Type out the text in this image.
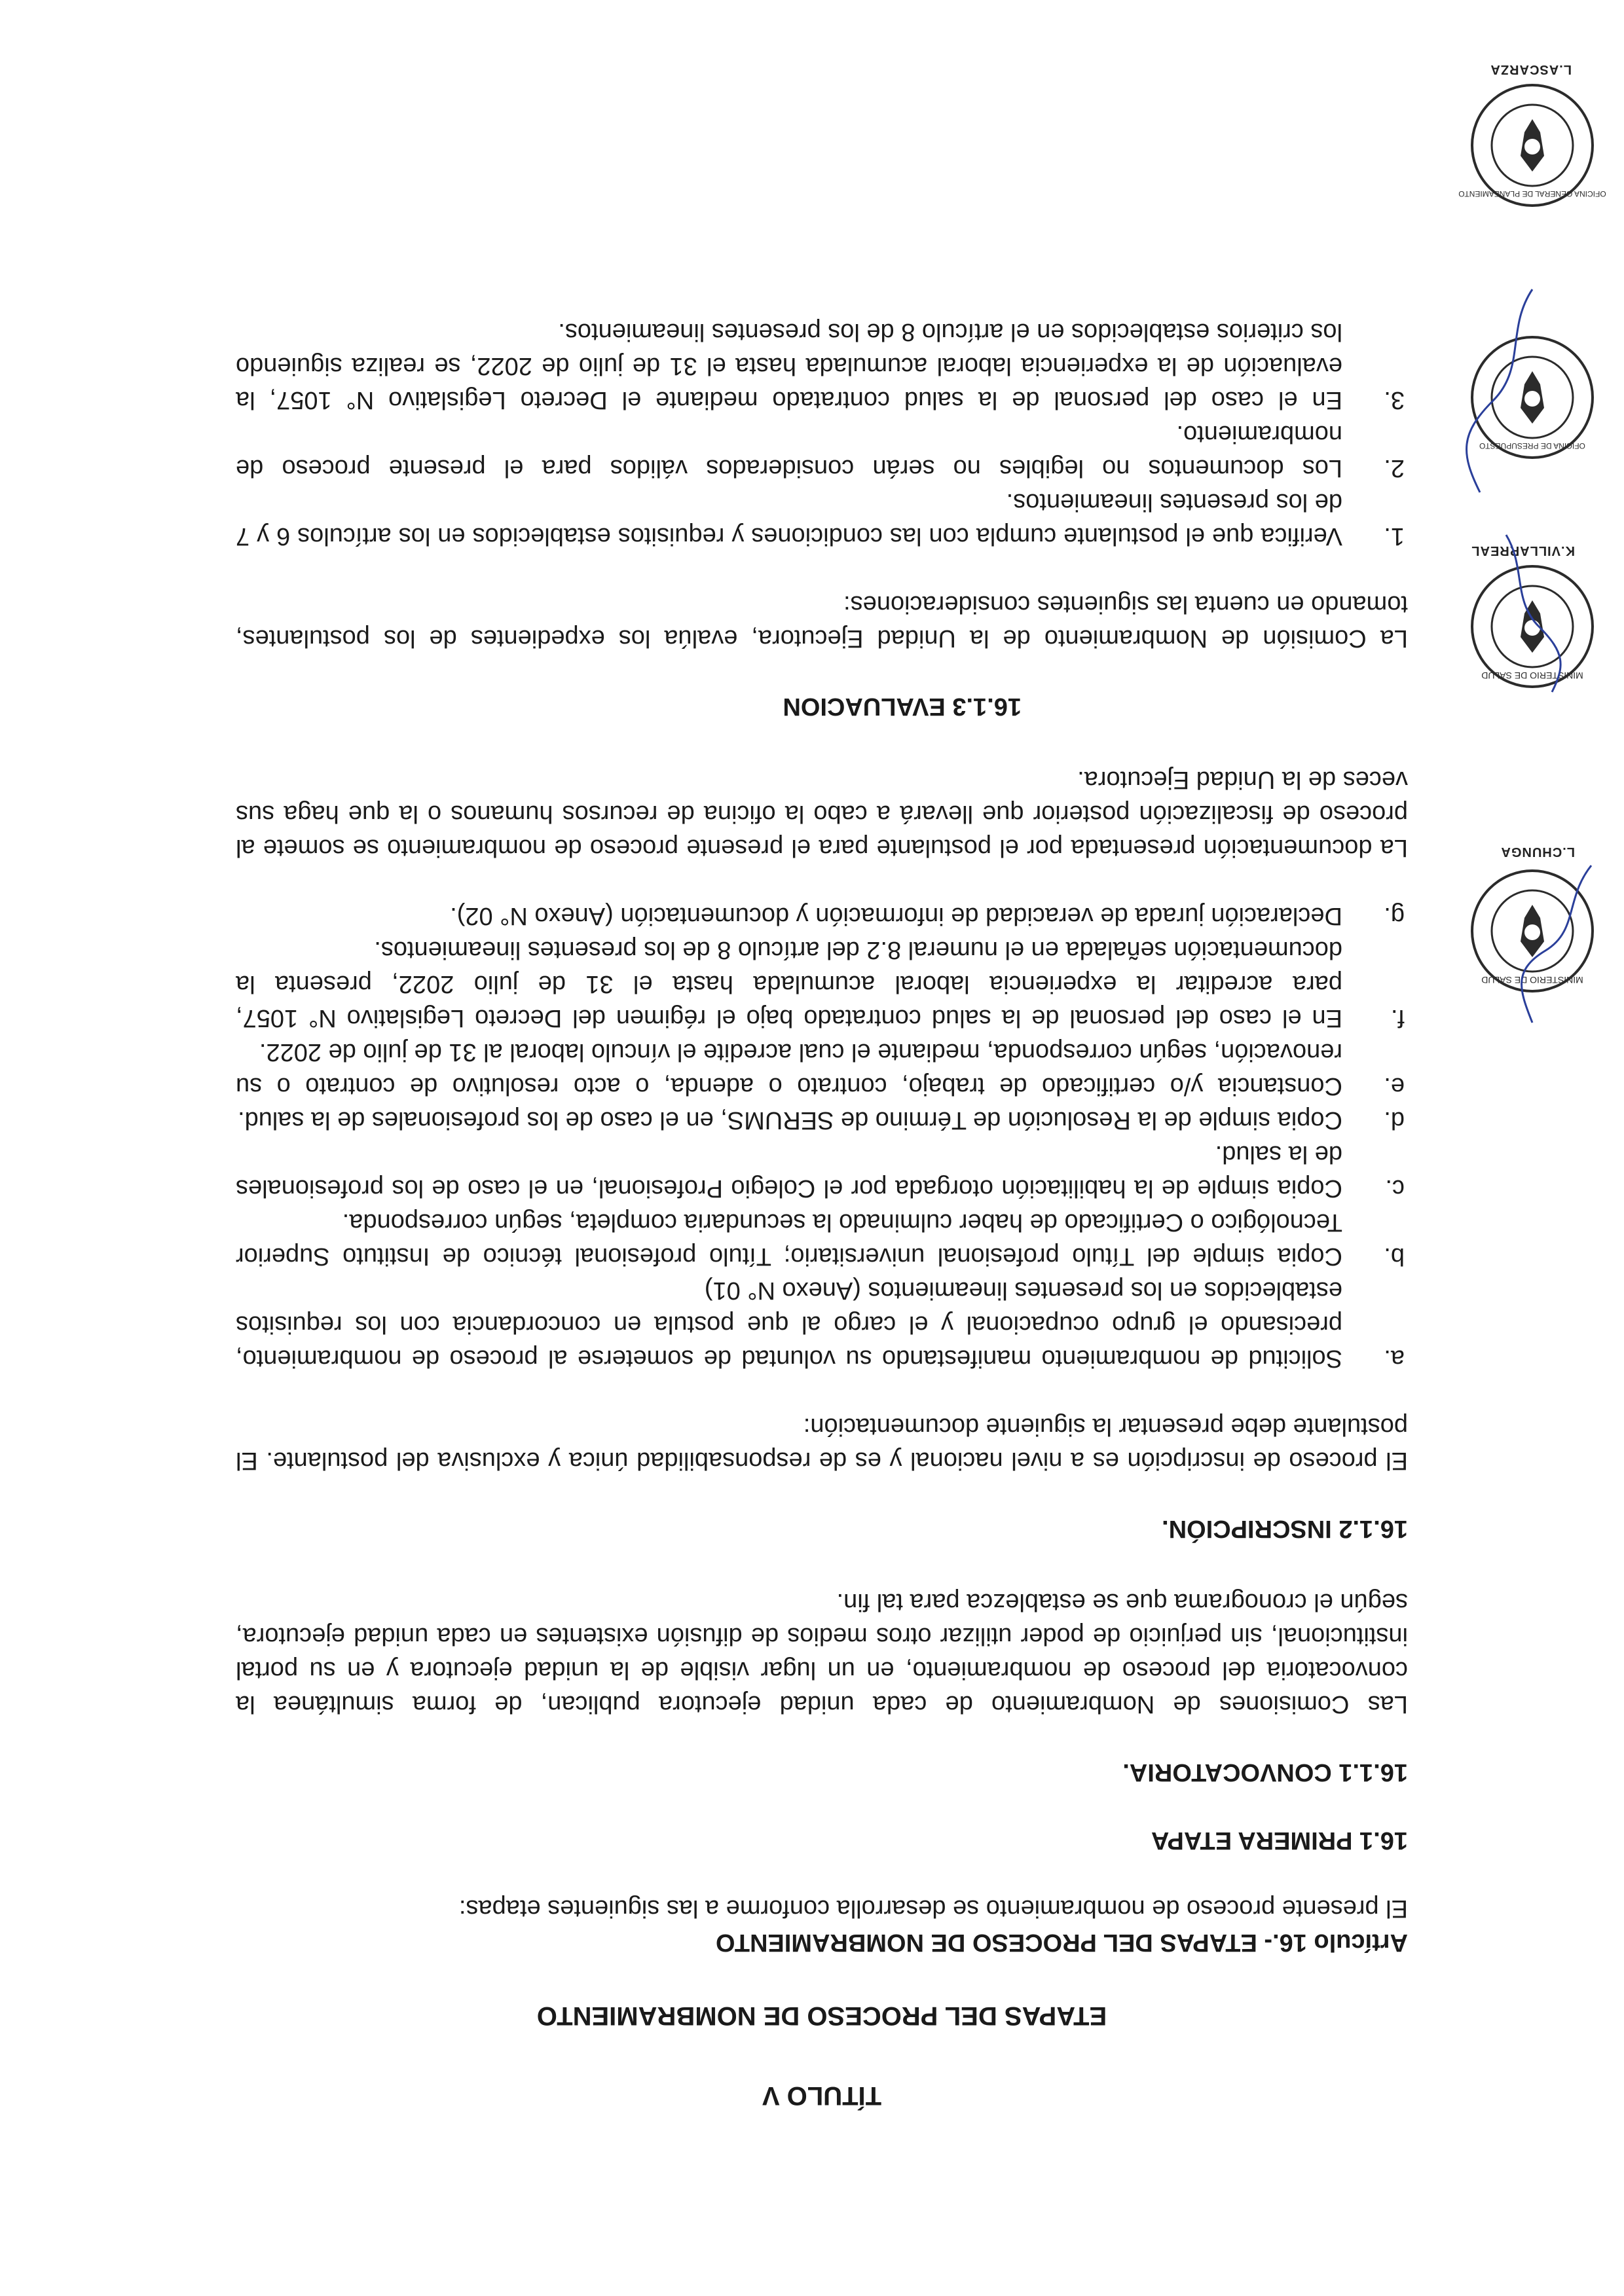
TÍTULO V

ETAPAS DEL PROCESO DE NOMBRAMIENTO

Artículo 16.- ETAPAS DEL PROCESO DE NOMBRAMIENTO

El presente proceso de nombramiento se desarrolla conforme a las siguientes etapas:

16.1 PRIMERA ETAPA

16.1.1 CONVOCATORIA.

Las Comisiones de Nombramiento de cada unidad ejecutora publican, de forma simultánea la convocatoria del proceso de nombramiento, en un lugar visible de la unidad ejecutora y en su portal institucional, sin perjuicio de poder utilizar otros medios de difusión existentes en cada unidad ejecutora, según el cronograma que se establezca para tal fin.

16.1.2 INSCRIPCIÓN.

El proceso de inscripción es a nivel nacional y es de responsabilidad única y exclusiva del postulante. El postulante debe presentar la siguiente documentación:

a.
Solicitud de nombramiento manifestando su voluntad de someterse al proceso de nombramiento, precisando el grupo ocupacional y el cargo al que postula en concordancia con los requisitos establecidos en los presentes lineamientos (Anexo N° 01)
b.
Copia simple del Título profesional universitario; Título profesional técnico de Instituto Superior Tecnológico o Certificado de haber culminado la secundaria completa, según corresponda.
c.
Copia simple de la habilitación otorgada por el Colegio Profesional, en el caso de los profesionales de la salud.
d.
Copia simple de la Resolución de Término de SERUMS, en el caso de los profesionales de la salud.
e.
Constancia y/o certificado de trabajo, contrato o adenda, o acto resolutivo de contrato o su renovación, según corresponda, mediante el cual acredite el vínculo laboral al 31 de julio de 2022.
f.
En el caso del personal de la salud contratado bajo el régimen del Decreto Legislativo N° 1057, para acreditar la experiencia laboral acumulada hasta el 31 de julio 2022, presenta la documentación señalada en el numeral 8.2 del artículo 8 de los presentes lineamientos.
g.
Declaración jurada de veracidad de información y documentación (Anexo N° 02).

La documentación presentada por el postulante para el presente proceso de nombramiento se somete al proceso de fiscalización posterior que llevará a cabo la oficina de recursos humanos o la que haga sus veces de la Unidad Ejecutora.

16.1.3 EVALUACION

La Comisión de Nombramiento de la Unidad Ejecutora, evalúa los expedientes de los postulantes, tomando en cuenta las siguientes consideraciones:

1.
Verifica que el postulante cumpla con las condiciones y requisitos establecidos en los artículos 6 y 7 de los presentes lineamientos.
2.
Los documentos no legibles no serán considerados válidos para el presente proceso de nombramiento.
3.
En el caso del personal de la salud contratado mediante el Decreto Legislativo N° 1057, la evaluación de la experiencia laboral acumulada hasta el 31 de julio de 2022, se realiza siguiendo los criterios establecidos en el artículo 8 de los presentes lineamientos.
MINISTERIO DE SALUD
L.CHUNGA
MINISTERIO DE SALUD
K.VILLARREAL
OFICINA DE PRESUPUESTO
OFICINA GENERAL DE PLANEAMIENTO
L.ASCARZA
